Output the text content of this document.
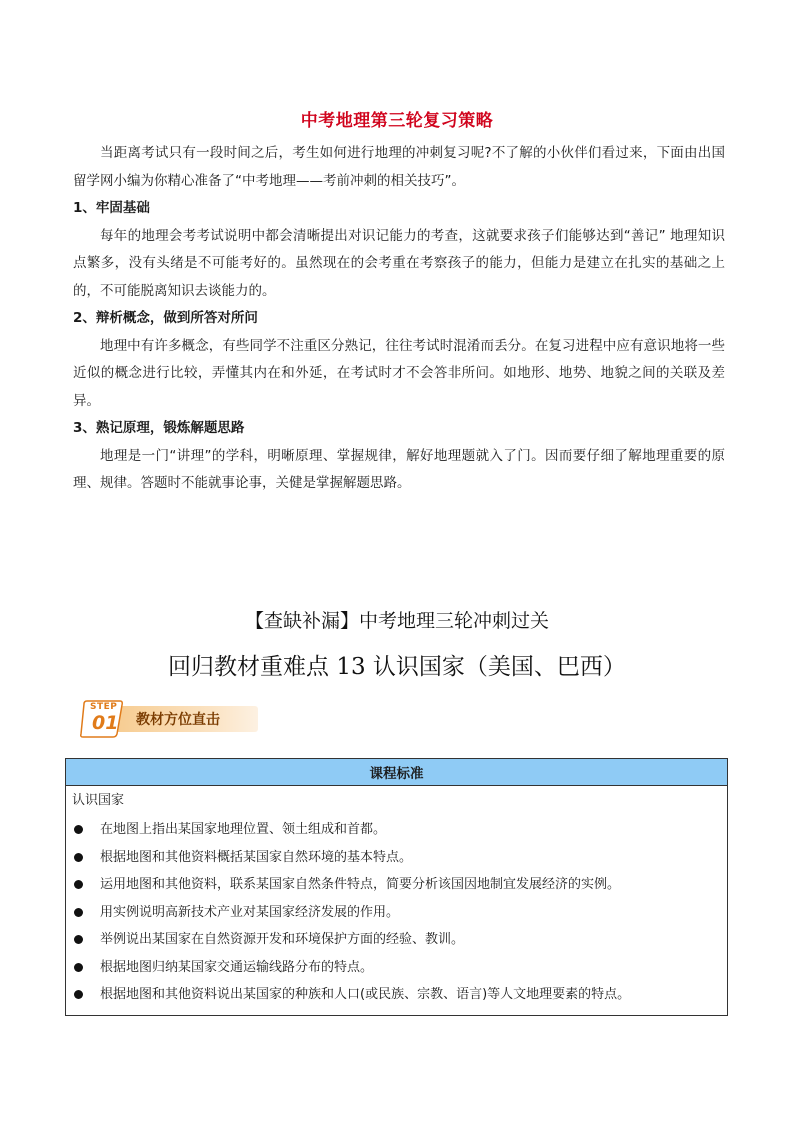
中考地理第三轮复习策略

当距离考试只有一段时间之后，考生如何进行地理的冲刺复习呢?不了解的小伙伴们看过来，下面由出国留学网小编为你精心准备了“中考地理——考前冲刺的相关技巧”。

1、牢固基础

每年的地理会考考试说明中都会清晰提出对识记能力的考查，这就要求孩子们能够达到“善记” 地理知识点繁多，没有头绪是不可能考好的。虽然现在的会考重在考察孩子的能力，但能力是建立在扎实的基础之上的，不可能脱离知识去谈能力的。

2、辩析概念，做到所答对所问

地理中有许多概念，有些同学不注重区分熟记，往往考试时混淆而丢分。在复习进程中应有意识地将一些近似的概念进行比较，弄懂其内在和外延，在考试时才不会答非所问。如地形、地势、地貌之间的关联及差异。

3、熟记原理，锻炼解题思路

地理是一门“讲理”的学科，明晰原理、掌握规律，解好地理题就入了门。因而要仔细了解地理重要的原理、规律。答题时不能就事论事，关健是掌握解题思路。

【查缺补漏】中考地理三轮冲刺过关
回归教材重难点 13 认识国家（美国、巴西）
STEP
01 教材方位直击
课程标准

认识国家

在地图上指出某国家地理位置、领土组成和首都。
根据地图和其他资料概括某国家自然环境的基本特点。
运用地图和其他资料，联系某国家自然条件特点，简要分析该国因地制宜发展经济的实例。
用实例说明高新技术产业对某国家经济发展的作用。
举例说出某国家在自然资源开发和环境保护方面的经验、教训。
根据地图归纳某国家交通运输线路分布的特点。
根据地图和其他资料说出某国家的种族和人口(或民族、宗教、语言)等人文地理要素的特点。
